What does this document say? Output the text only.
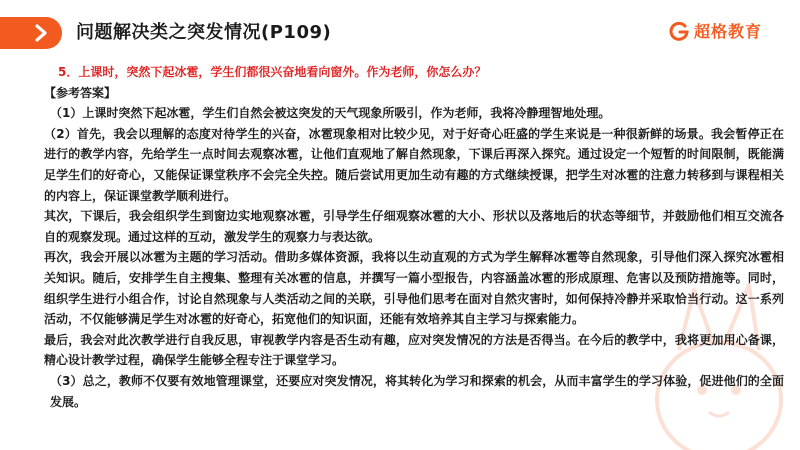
问题解决类之突发情况(P109)	超格教育

5．上课时，突然下起冰雹，学生们都很兴奋地看向窗外。作为老师，你怎么办？

【参考答案】

（1）上课时突然下起冰雹，学生们自然会被这突发的天气现象所吸引，作为老师，我将冷静理智地处理。

（2）首先，我会以理解的态度对待学生的兴奋，冰雹现象相对比较少见，对于好奇心旺盛的学生来说是一种很新鲜的场景。我会暂停正在进行的教学内容，先给学生一点时间去观察冰雹，让他们直观地了解自然现象，下课后再深入探究。通过设定一个短暂的时间限制，既能满足学生们的好奇心，又能保证课堂秩序不会完全失控。随后尝试用更加生动有趣的方式继续授课，把学生对冰雹的注意力转移到与课程相关的内容上，保证课堂教学顺利进行。

其次，下课后，我会组织学生到窗边实地观察冰雹，引导学生仔细观察冰雹的大小、形状以及落地后的状态等细节，并鼓励他们相互交流各自的观察发现。通过这样的互动，激发学生的观察力与表达欲。

再次，我会开展以冰雹为主题的学习活动。借助多媒体资源，我将以生动直观的方式为学生解释冰雹等自然现象，引导他们深入探究冰雹相关知识。随后，安排学生自主搜集、整理有关冰雹的信息，并撰写一篇小型报告，内容涵盖冰雹的形成原理、危害以及预防措施等。同时，组织学生进行小组合作，讨论自然现象与人类活动之间的关联，引导他们思考在面对自然灾害时，如何保持冷静并采取恰当行动。这一系列活动，不仅能够满足学生对冰雹的好奇心，拓宽他们的知识面，还能有效培养其自主学习与探索能力。

最后，我会对此次教学进行自我反思，审视教学内容是否生动有趣，应对突发情况的方法是否得当。在今后的教学中，我将更加用心备课，精心设计教学过程，确保学生能够全程专注于课堂学习。

（3）总之，教师不仅要有效地管理课堂，还要应对突发情况，将其转化为学习和探索的机会，从而丰富学生的学习体验，促进他们的全面发展。
